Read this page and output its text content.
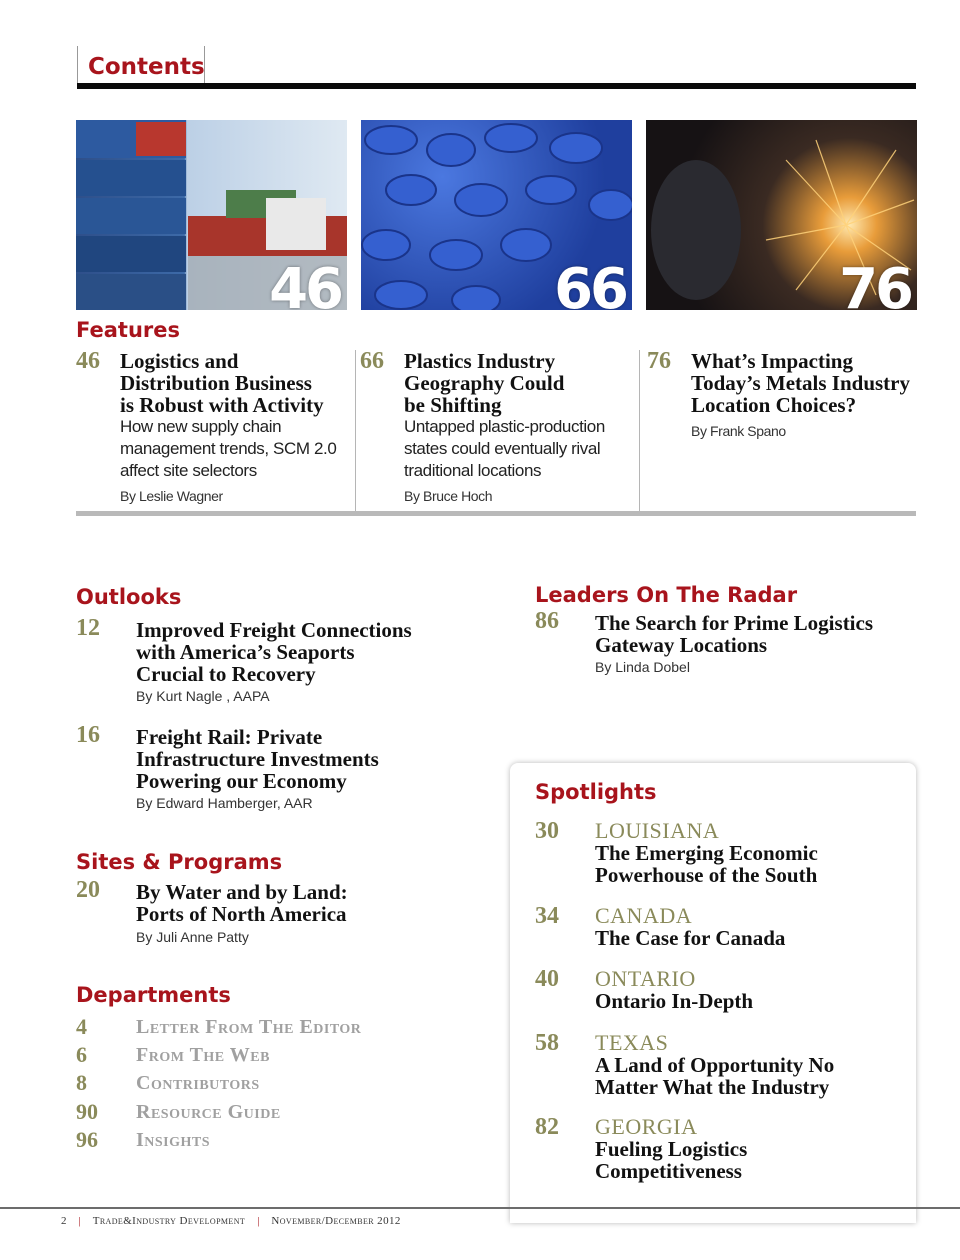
Contents
46	66	76
Features
46 Logistics and
Distribution Business
is Robust with Activity
How new supply chain
management trends, SCM 2.0
affect site selectors
By Leslie Wagner
66 Plastics Industry
Geography Could
be Shifting
Untapped plastic-production
states could eventually rival
traditional locations
By Bruce Hoch
76 What’s Impacting
Today’s Metals Industry
Location Choices?
By Frank Spano
Outlooks
12 Improved Freight Connections
with America’s Seaports
Crucial to Recovery
By Kurt Nagle , AAPA
16 Freight Rail: Private
Infrastructure Investments
Powering our Economy
By Edward Hamberger, AAR
Sites & Programs
20 By Water and by Land:
Ports of North America
By Juli Anne Patty
Departments
4 Letter From The Editor
6 From The Web
8 Contributors
90 Resource Guide
96 Insights
Leaders On The Radar
86 The Search for Prime Logistics
Gateway Locations
By Linda Dobel
Spotlights
30 LOUISIANA
The Emerging Economic
Powerhouse of the South
34 CANADA
The Case for Canada
40 ONTARIO
Ontario In-Depth
58 TEXAS
A Land of Opportunity No
Matter What the Industry
82 GEORGIA
Fueling Logistics
Competitiveness
2 | Trade&Industry Development | November/December 2012
